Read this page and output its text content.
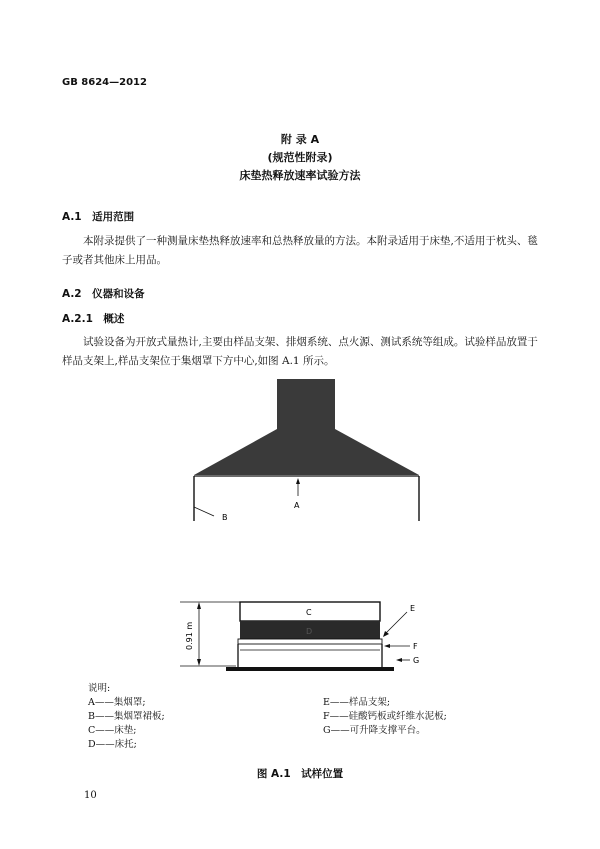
GB 8624—2012
附 录 A
(规范性附录)
床垫热释放速率试验方法
A.1　适用范围
本附录提供了一种测量床垫热释放速率和总热释放量的方法。本附录适用于床垫,不适用于枕头、毯子或者其他床上用品。
A.2　仪器和设备
A.2.1　概述
试验设备为开放式量热计,主要由样品支架、排烟系统、点火源、测试系统等组成。试验样品放置于样品支架上,样品支架位于集烟罩下方中心,如图 A.1 所示。
A
B
0.91 m
C
D
E
F
G
说明:
A——集烟罩;
B——集烟罩裙板;
C——床垫;
D——床托;
E——样品支架;
F——硅酸钙板或纤维水泥板;
G——可升降支撑平台。
图 A.1　试样位置
10
